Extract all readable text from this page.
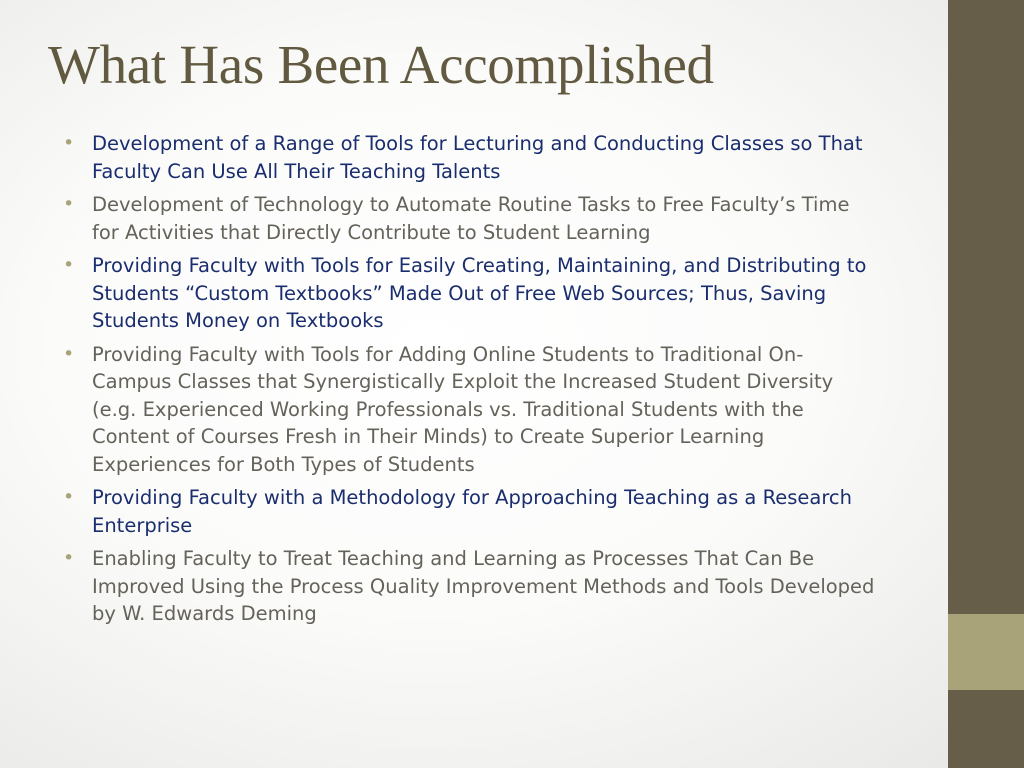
What Has Been Accomplished
• Development of a Range of Tools for Lecturing and Conducting Classes so That Faculty Can Use All Their Teaching Talents
• Development of Technology to Automate Routine Tasks to Free Faculty’s Time for Activities that Directly Contribute to Student Learning
• Providing Faculty with Tools for Easily Creating, Maintaining, and Distributing to Students “Custom Textbooks” Made Out of Free Web Sources; Thus, Saving Students Money on Textbooks
• Providing Faculty with Tools for Adding Online Students to Traditional On-Campus Classes that Synergistically Exploit the Increased Student Diversity (e.g. Experienced Working Professionals vs. Traditional Students with the Content of Courses Fresh in Their Minds) to Create Superior Learning Experiences for Both Types of Students
• Providing Faculty with a Methodology for Approaching Teaching as a Research Enterprise
• Enabling Faculty to Treat Teaching and Learning as Processes That Can Be Improved Using the Process Quality Improvement Methods and Tools Developed by W. Edwards Deming
